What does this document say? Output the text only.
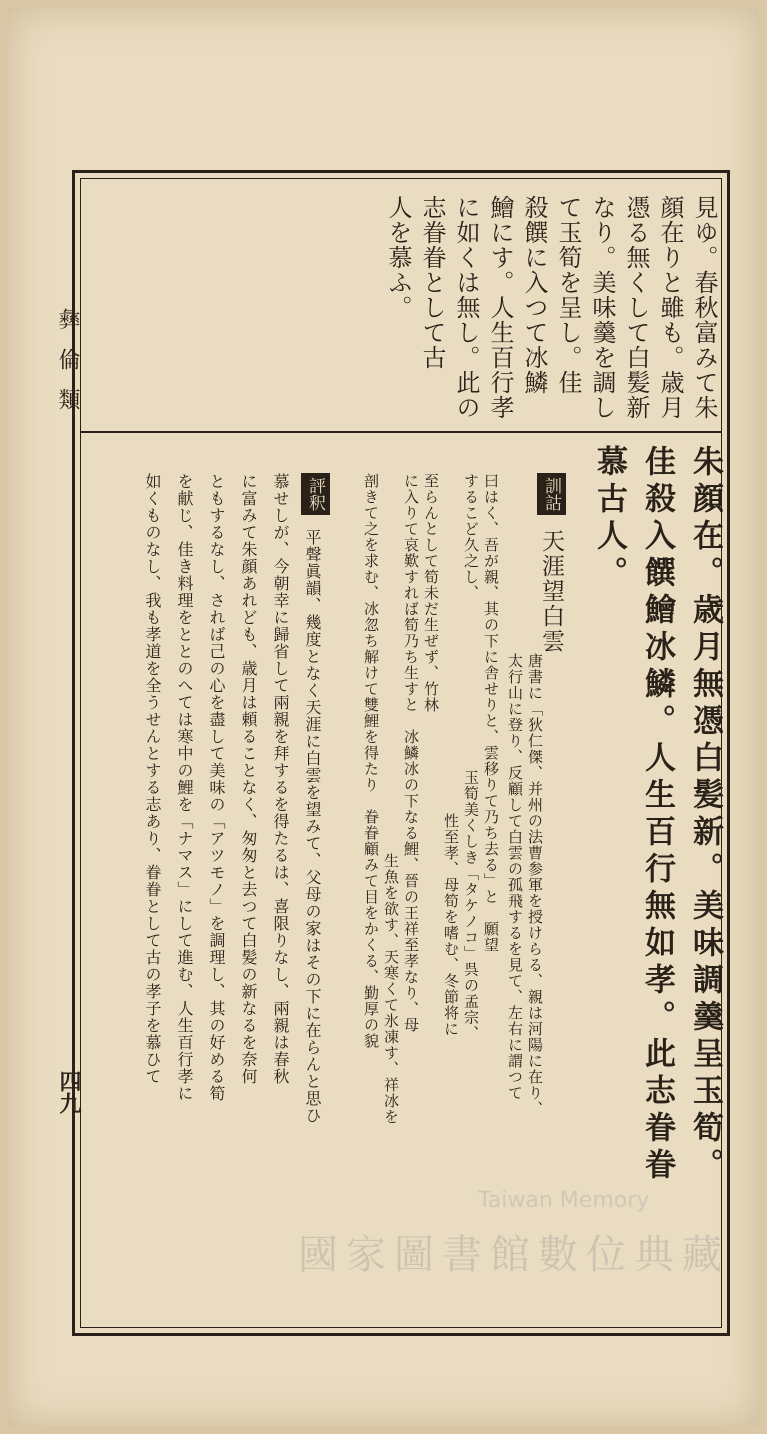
彝倫類
四九
見ゆ。春秋富みて朱
顔在りと雖も。歳月
憑る無くして白髪新
なり。美味羹を調し
て玉筍を呈し。佳
殺饌に入つて冰鱗
鱠にす。人生百行孝
に如くは無し。此の
志眷眷として古
人を慕ふ。
朱顔在。歳月無憑白髪新。美味調羹呈玉筍。
佳殺入饌鱠冰鱗。人生百行無如孝。此志眷眷
慕古人。
訓詁
天涯望白雲
唐書に「狄仁傑、并州の法曹参軍を授けらる、親は河陽に在り、
太行山に登り、反顧して白雲の孤飛するを見て、左右に謂つて
曰はく、吾が親、其の下に舎せりと、雲移りて乃ち去る」と　願望
するこど久之し、　　　　　　　　　　　玉筍美くしき「タケノコ」呉の孟宗、
性至孝、母筍を嗜む、冬節将に
至らんとして筍未だ生ぜず、竹林
に入りて哀歎すれば筍乃ち生すと　冰鱗冰の下なる鯉、晉の王祥至孝なり、母
生魚を欲す、天寒くて氷凍す、祥冰を
剖きて之を求む、冰忽ち解けて雙鯉を得たり　眷眷顧みて目をかくる、勤厚の貌
評釈
平聲眞韻、幾度となく天涯に白雲を望みて、父母の家はその下に在らんと思ひ
慕せしが、今朝幸に歸省して兩親を拜するを得たるは、喜限りなし、兩親は春秋
に富みて朱顔あれども、歳月は頼ることなく、匆匆と去つて白髪の新なるを奈何
ともするなし、されば己の心を盡して美味の「アツモノ」を調理し、其の好める筍
を献じ、佳き料理をととのへては寒中の鯉を「ナマス」にして進む、人生百行孝に
如くものなし、我も孝道を全うせんとする志あり、眷眷として古の孝子を慕ひて
Taiwan Memory
國家圖書館數位典藏
